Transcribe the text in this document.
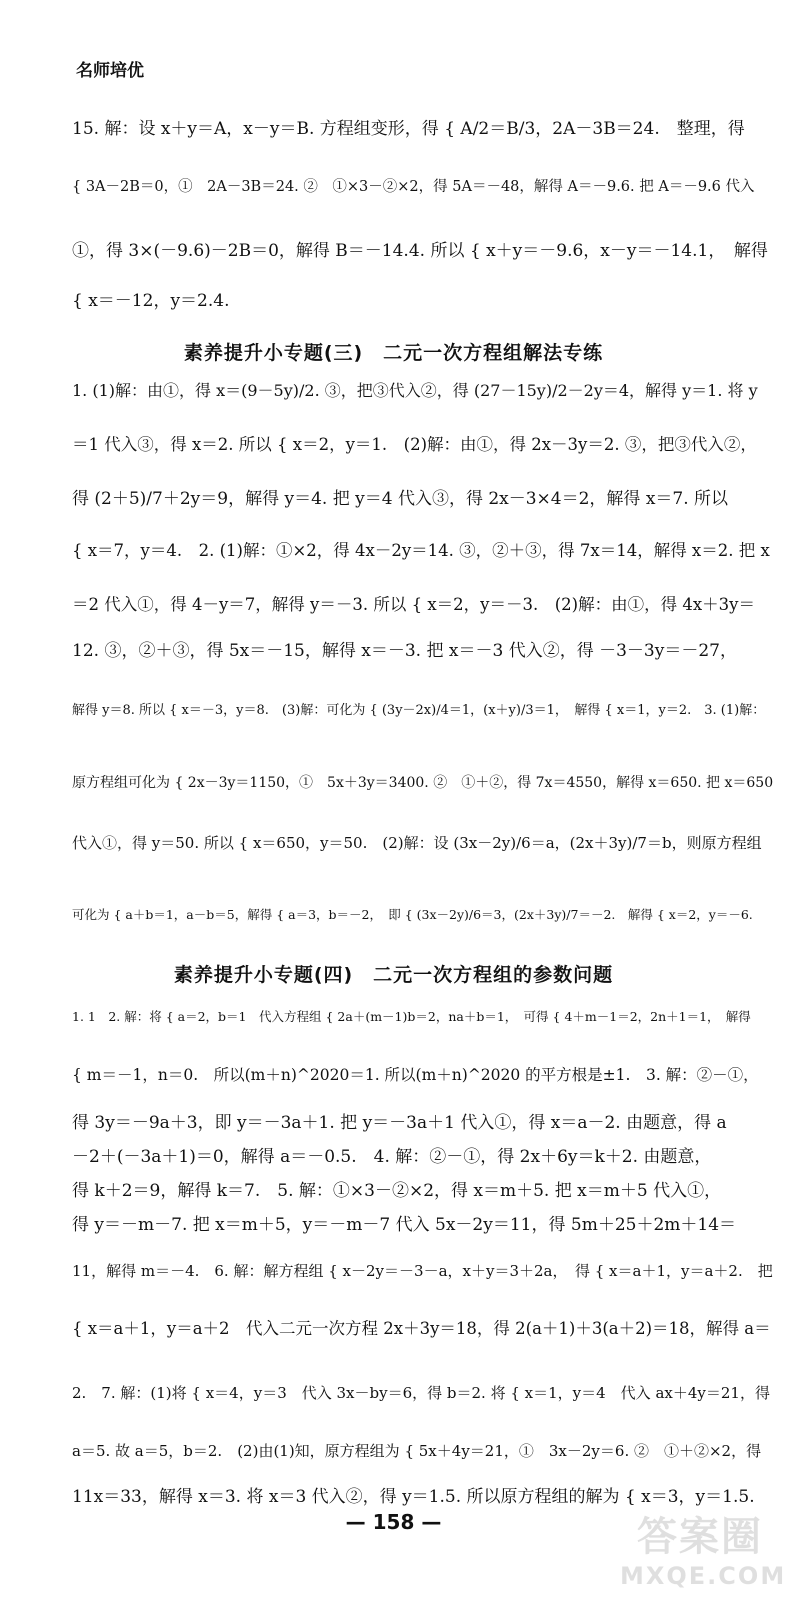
名师培优
15. 解：设 x＋y＝A，x－y＝B. 方程组变形，得 { A/2＝B/3，2A－3B＝24.　整理，得
{ 3A－2B＝0，①　2A－3B＝24. ②　①×3－②×2，得 5A＝－48，解得 A＝－9.6. 把 A＝－9.6 代入
①，得 3×(－9.6)－2B＝0，解得 B＝－14.4. 所以 { x＋y＝－9.6，x－y＝－14.1，　解得
{ x＝－12，y＝2.4.
素养提升小专题(三)　二元一次方程组解法专练
1. (1)解：由①，得 x＝(9－5y)/2. ③，把③代入②，得 (27－15y)/2－2y＝4，解得 y＝1. 将 y
＝1 代入③，得 x＝2. 所以 { x＝2，y＝1.　(2)解：由①，得 2x－3y＝2. ③，把③代入②，
得 (2＋5)/7＋2y＝9，解得 y＝4. 把 y＝4 代入③，得 2x－3×4＝2，解得 x＝7. 所以
{ x＝7，y＝4.　2. (1)解：①×2，得 4x－2y＝14. ③，②＋③，得 7x＝14，解得 x＝2. 把 x
＝2 代入①，得 4－y＝7，解得 y＝－3. 所以 { x＝2，y＝－3.　(2)解：由①，得 4x＋3y＝
12. ③，②＋③，得 5x＝－15，解得 x＝－3. 把 x＝－3 代入②，得 －3－3y＝－27，
解得 y＝8. 所以 { x＝－3，y＝8.　(3)解：可化为 { (3y－2x)/4＝1，(x＋y)/3＝1，　解得 { x＝1，y＝2.　3. (1)解：
原方程组可化为 { 2x－3y＝1150，①　5x＋3y＝3400. ②　①＋②，得 7x＝4550，解得 x＝650. 把 x＝650
代入①，得 y＝50. 所以 { x＝650，y＝50.　(2)解：设 (3x－2y)/6＝a，(2x＋3y)/7＝b，则原方程组
可化为 { a＋b＝1，a－b＝5，解得 { a＝3，b＝－2，　即 { (3x－2y)/6＝3，(2x＋3y)/7＝－2.　解得 { x＝2，y＝－6.
素养提升小专题(四)　二元一次方程组的参数问题
1. 1　2. 解：将 { a＝2，b＝1　代入方程组 { 2a＋(m－1)b＝2，na＋b＝1，　可得 { 4＋m－1＝2，2n＋1＝1，　解得
{ m＝－1，n＝0.　所以(m＋n)^2020＝1. 所以(m＋n)^2020 的平方根是±1.　3. 解：②－①，
得 3y＝－9a＋3，即 y＝－3a＋1. 把 y＝－3a＋1 代入①，得 x＝a－2. 由题意，得 a
－2＋(－3a＋1)＝0，解得 a＝－0.5.　4. 解：②－①，得 2x＋6y＝k＋2. 由题意，
得 k＋2＝9，解得 k＝7.　5. 解：①×3－②×2，得 x＝m＋5. 把 x＝m＋5 代入①，
得 y＝－m－7. 把 x＝m＋5，y＝－m－7 代入 5x－2y＝11，得 5m＋25＋2m＋14＝
11，解得 m＝－4.　6. 解：解方程组 { x－2y＝－3－a，x＋y＝3＋2a，　得 { x＝a＋1，y＝a＋2.　把
{ x＝a＋1，y＝a＋2　代入二元一次方程 2x＋3y＝18，得 2(a＋1)＋3(a＋2)＝18，解得 a＝
2.　7. 解：(1)将 { x＝4，y＝3　代入 3x－by＝6，得 b＝2. 将 { x＝1，y＝4　代入 ax＋4y＝21，得
a＝5. 故 a＝5，b＝2.　(2)由(1)知，原方程组为 { 5x＋4y＝21，①　3x－2y＝6. ②　①＋②×2，得
11x＝33，解得 x＝3. 将 x＝3 代入②，得 y＝1.5. 所以原方程组的解为 { x＝3，y＝1.5.
— 158 —	答案圈
MXQE.COM
